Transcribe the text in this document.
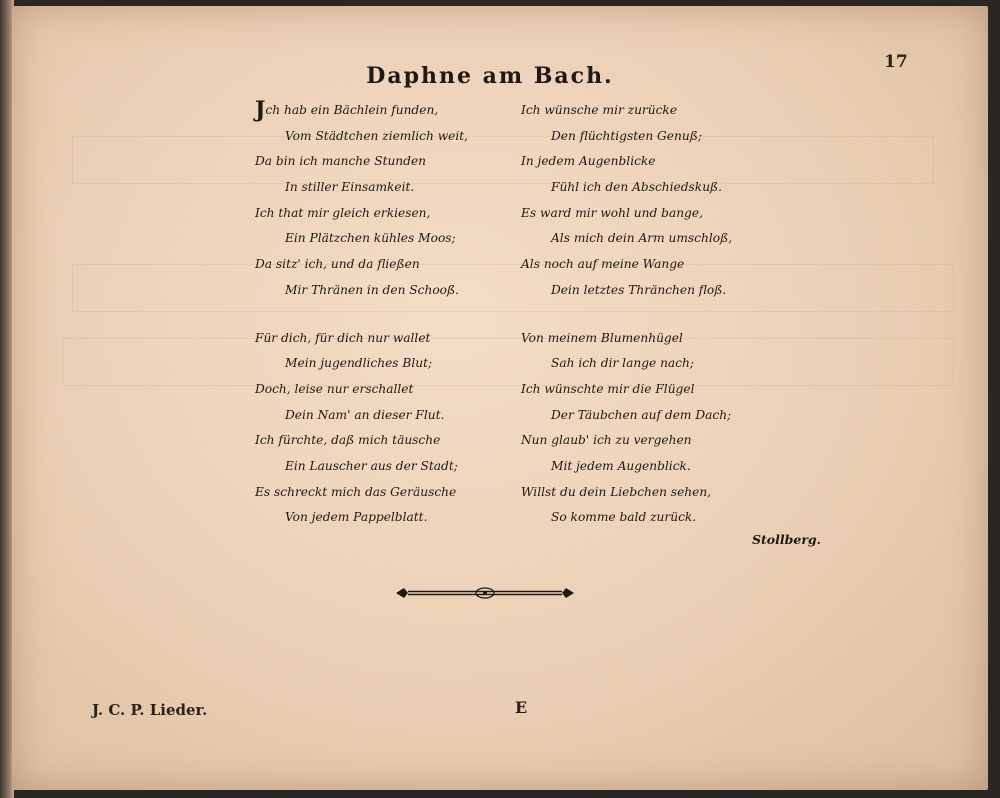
17
Daphne am Bach.
Jch hab ein Bächlein funden,
Vom Städtchen ziemlich weit,
Da bin ich manche Stunden
In stiller Einsamkeit.
Ich that mir gleich erkiesen,
Ein Plätzchen kühles Moos;
Da sitz' ich, und da fließen
Mir Thränen in den Schooß.
Für dich, für dich nur wallet
Mein jugendliches Blut;
Doch, leise nur erschallet
Dein Nam' an dieser Flut.
Ich fürchte, daß mich täusche
Ein Lauscher aus der Stadt;
Es schreckt mich das Geräusche
Von jedem Pappelblatt.
Ich wünsche mir zurücke
Den flüchtigsten Genuß;
In jedem Augenblicke
Fühl ich den Abschiedskuß.
Es ward mir wohl und bange,
Als mich dein Arm umschloß,
Als noch auf meine Wange
Dein letztes Thränchen floß.
Von meinem Blumenhügel
Sah ich dir lange nach;
Ich wünschte mir die Flügel
Der Täubchen auf dem Dach;
Nun glaub' ich zu vergehen
Mit jedem Augenblick.
Willst du dein Liebchen sehen,
So komme bald zurück.
Stollberg.
J. C. P. Lieder.	E
